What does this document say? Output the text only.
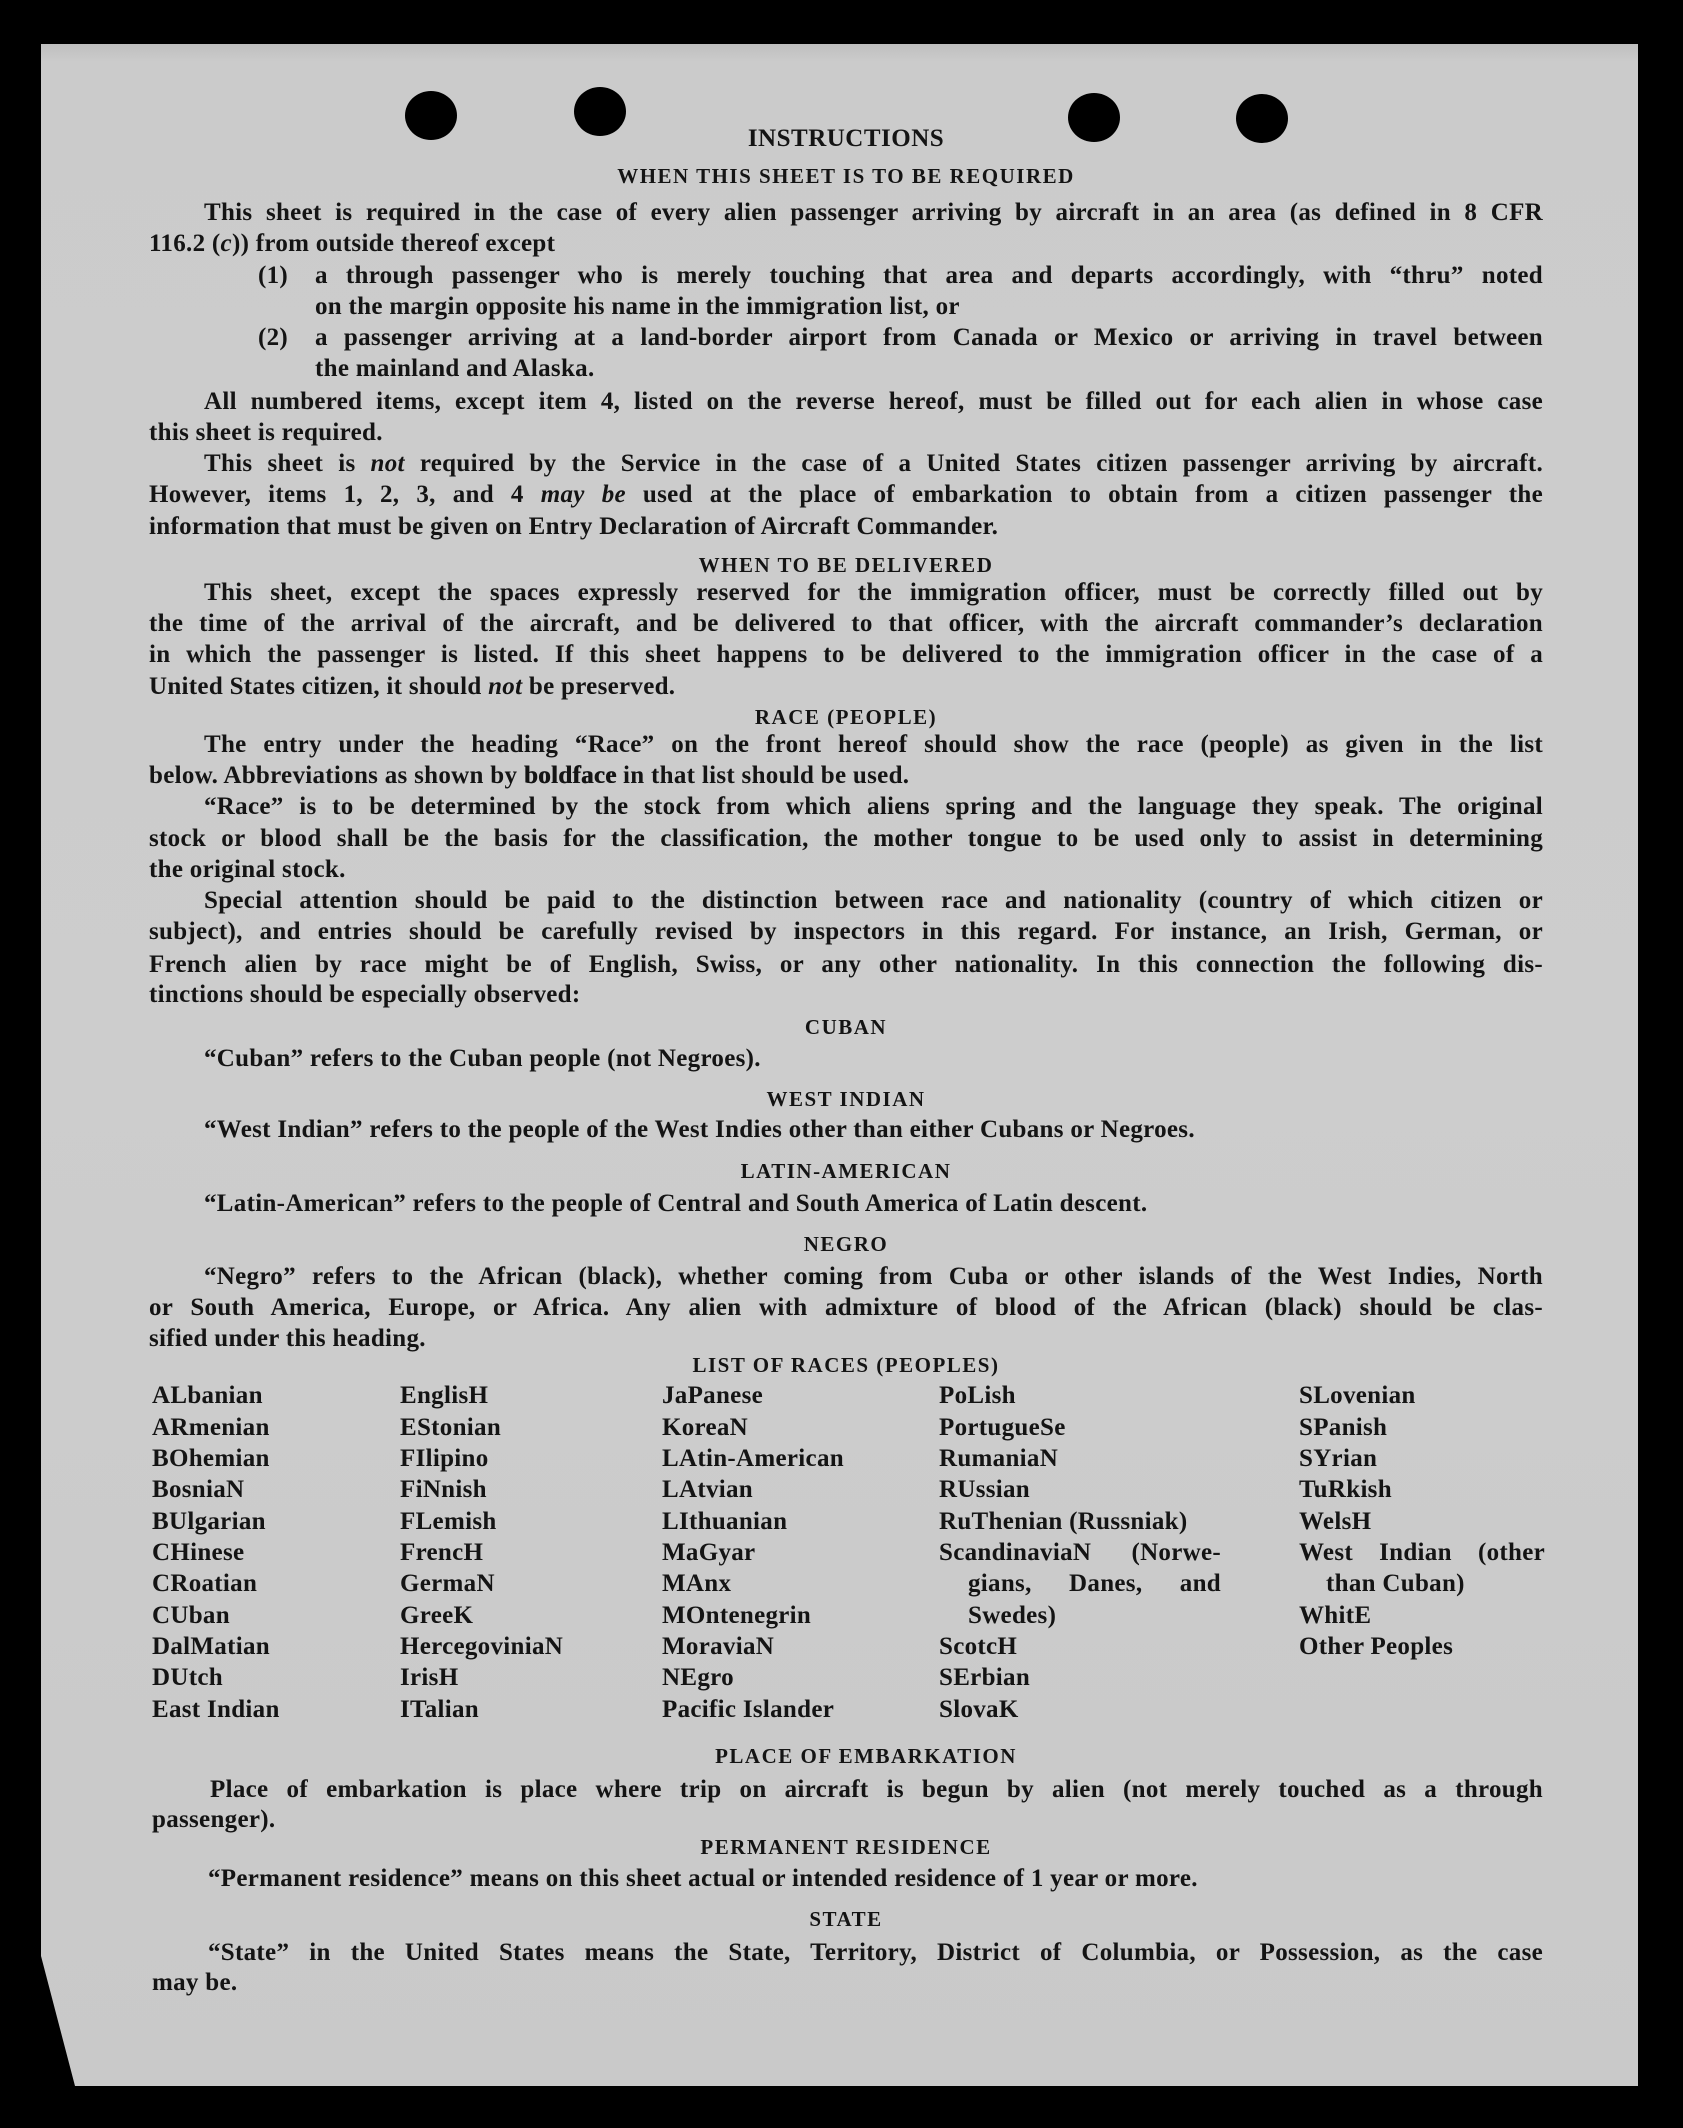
INSTRUCTIONS
WHEN THIS SHEET IS TO BE REQUIRED
This sheet is required in the case of every alien passenger arriving by aircraft in an area (as defined in 8 CFR
116.2 (c)) from outside thereof except
(1) a through passenger who is merely touching that area and departs accordingly, with “thru” noted
on the margin opposite his name in the immigration list, or
(2) a passenger arriving at a land-border airport from Canada or Mexico or arriving in travel between
the mainland and Alaska.
All numbered items, except item 4, listed on the reverse hereof, must be filled out for each alien in whose case
this sheet is required.
This sheet is not required by the Service in the case of a United States citizen passenger arriving by aircraft.
However, items 1, 2, 3, and 4 may be used at the place of embarkation to obtain from a citizen passenger the
information that must be given on Entry Declaration of Aircraft Commander.
WHEN TO BE DELIVERED
This sheet, except the spaces expressly reserved for the immigration officer, must be correctly filled out by
the time of the arrival of the aircraft, and be delivered to that officer, with the aircraft commander’s declaration
in which the passenger is listed. If this sheet happens to be delivered to the immigration officer in the case of a
United States citizen, it should not be preserved.
RACE (PEOPLE)
The entry under the heading “Race” on the front hereof should show the race (people) as given in the list
below. Abbreviations as shown by boldface in that list should be used.
“Race” is to be determined by the stock from which aliens spring and the language they speak. The original
stock or blood shall be the basis for the classification, the mother tongue to be used only to assist in determining
the original stock.
Special attention should be paid to the distinction between race and nationality (country of which citizen or
subject), and entries should be carefully revised by inspectors in this regard. For instance, an Irish, German, or
French alien by race might be of English, Swiss, or any other nationality. In this connection the following dis-
tinctions should be especially observed:
CUBAN
“Cuban” refers to the Cuban people (not Negroes).
WEST INDIAN
“West Indian” refers to the people of the West Indies other than either Cubans or Negroes.
LATIN-AMERICAN
“Latin-American” refers to the people of Central and South America of Latin descent.
NEGRO
“Negro” refers to the African (black), whether coming from Cuba or other islands of the West Indies, North
or South America, Europe, or Africa. Any alien with admixture of blood of the African (black) should be clas-
sified under this heading.
LIST OF RACES (PEOPLES)
ALbanian
ARmenian
BOhemian
BosniaN
BUlgarian
CHinese
CRoatian
CUban
DalMatian
DUtch
East Indian
EnglisH
EStonian
FIlipino
FiNnish
FLemish
FrencH
GermaN
GreeK
HercegoviniaN
IrisH
ITalian
JaPanese
KoreaN
LAtin-American
LAtvian
LIthuanian
MaGyar
MAnx
MOntenegrin
MoraviaN
NEgro
Pacific Islander
PoLish
PortugueSe
RumaniaN
RUssian
RuThenian (Russniak)
ScandinaviaN (Norwe-
gians, Danes, and
Swedes)
ScotcH
SErbian
SlovaK
SLovenian
SPanish
SYrian
TuRkish
WelsH
West Indian (other
than Cuban)
WhitE
Other Peoples
PLACE OF EMBARKATION
Place of embarkation is place where trip on aircraft is begun by alien (not merely touched as a through
passenger).
PERMANENT RESIDENCE
“Permanent residence” means on this sheet actual or intended residence of 1 year or more.
STATE
“State” in the United States means the State, Territory, District of Columbia, or Possession, as the case
may be.
